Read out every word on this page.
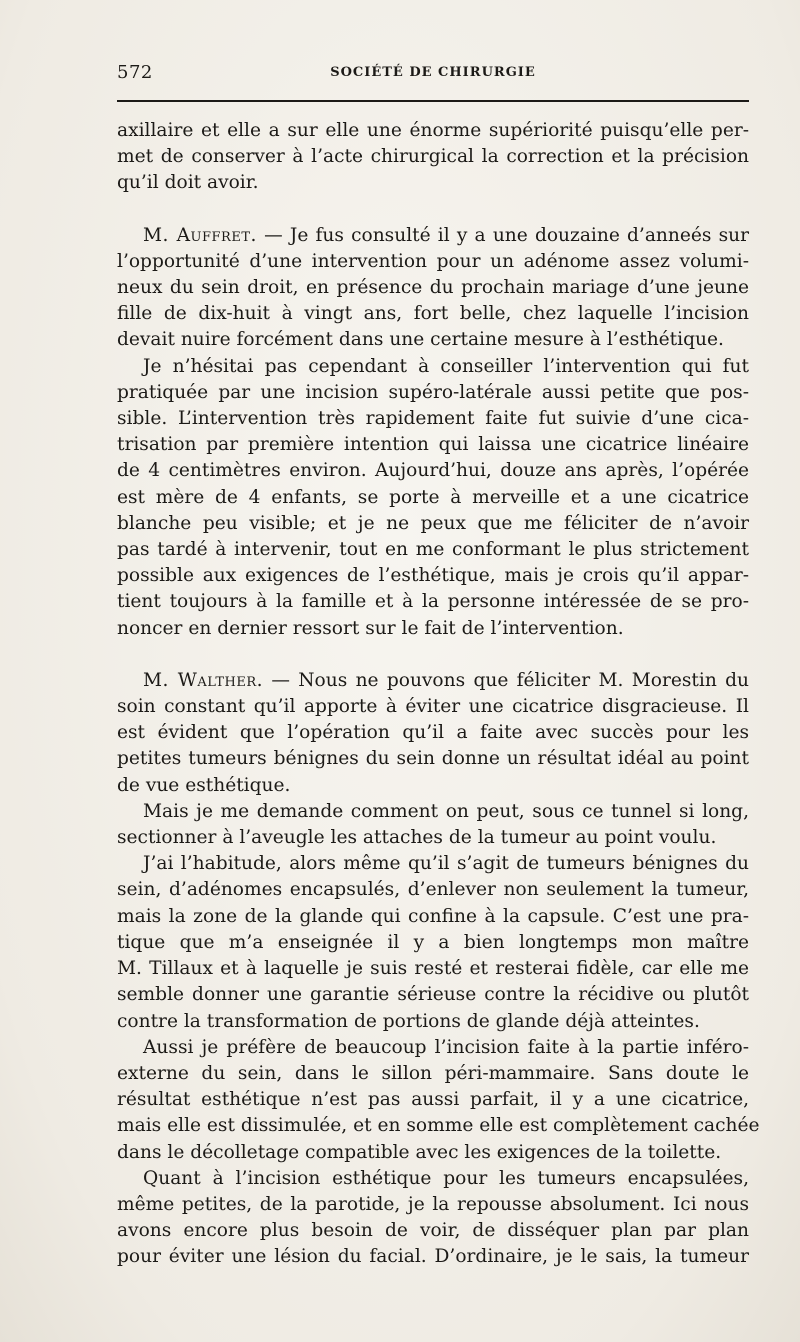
572	SOCIÉTÉ DE CHIRURGIE
axillaire et elle a sur elle une énorme supériorité puisqu’elle per-
met de conserver à l’acte chirurgical la correction et la précision
qu’il doit avoir.
M. Auffret. — Je fus consulté il y a une douzaine d’anneés sur
l’opportunité d’une intervention pour un adénome assez volumi-
neux du sein droit, en présence du prochain mariage d’une jeune
fille de dix-huit à vingt ans, fort belle, chez laquelle l’incision
devait nuire forcément dans une certaine mesure à l’esthétique.
Je n’hésitai pas cependant à conseiller l’intervention qui fut
pratiquée par une incision supéro-latérale aussi petite que pos-
sible. L’intervention très rapidement faite fut suivie d’une cica-
trisation par première intention qui laissa une cicatrice linéaire
de 4 centimètres environ. Aujourd’hui, douze ans après, l’opérée
est mère de 4 enfants, se porte à merveille et a une cicatrice
blanche peu visible; et je ne peux que me féliciter de n’avoir
pas tardé à intervenir, tout en me conformant le plus strictement
possible aux exigences de l’esthétique, mais je crois qu’il appar-
tient toujours à la famille et à la personne intéressée de se pro-
noncer en dernier ressort sur le fait de l’intervention.
M. Walther. — Nous ne pouvons que féliciter M. Morestin du
soin constant qu’il apporte à éviter une cicatrice disgracieuse. Il
est évident que l’opération qu’il a faite avec succès pour les
petites tumeurs bénignes du sein donne un résultat idéal au point
de vue esthétique.
Mais je me demande comment on peut, sous ce tunnel si long,
sectionner à l’aveugle les attaches de la tumeur au point voulu.
J’ai l’habitude, alors même qu’il s’agit de tumeurs bénignes du
sein, d’adénomes encapsulés, d’enlever non seulement la tumeur,
mais la zone de la glande qui confine à la capsule. C’est une pra-
tique que m’a enseignée il y a bien longtemps mon maître
M. Tillaux et à laquelle je suis resté et resterai fidèle, car elle me
semble donner une garantie sérieuse contre la récidive ou plutôt
contre la transformation de portions de glande déjà atteintes.
Aussi je préfère de beaucoup l’incision faite à la partie inféro-
externe du sein, dans le sillon péri-mammaire. Sans doute le
résultat esthétique n’est pas aussi parfait, il y a une cicatrice,
mais elle est dissimulée, et en somme elle est complètement cachée
dans le décolletage compatible avec les exigences de la toilette.
Quant à l’incision esthétique pour les tumeurs encapsulées,
même petites, de la parotide, je la repousse absolument. Ici nous
avons encore plus besoin de voir, de disséquer plan par plan
pour éviter une lésion du facial. D’ordinaire, je le sais, la tumeur
